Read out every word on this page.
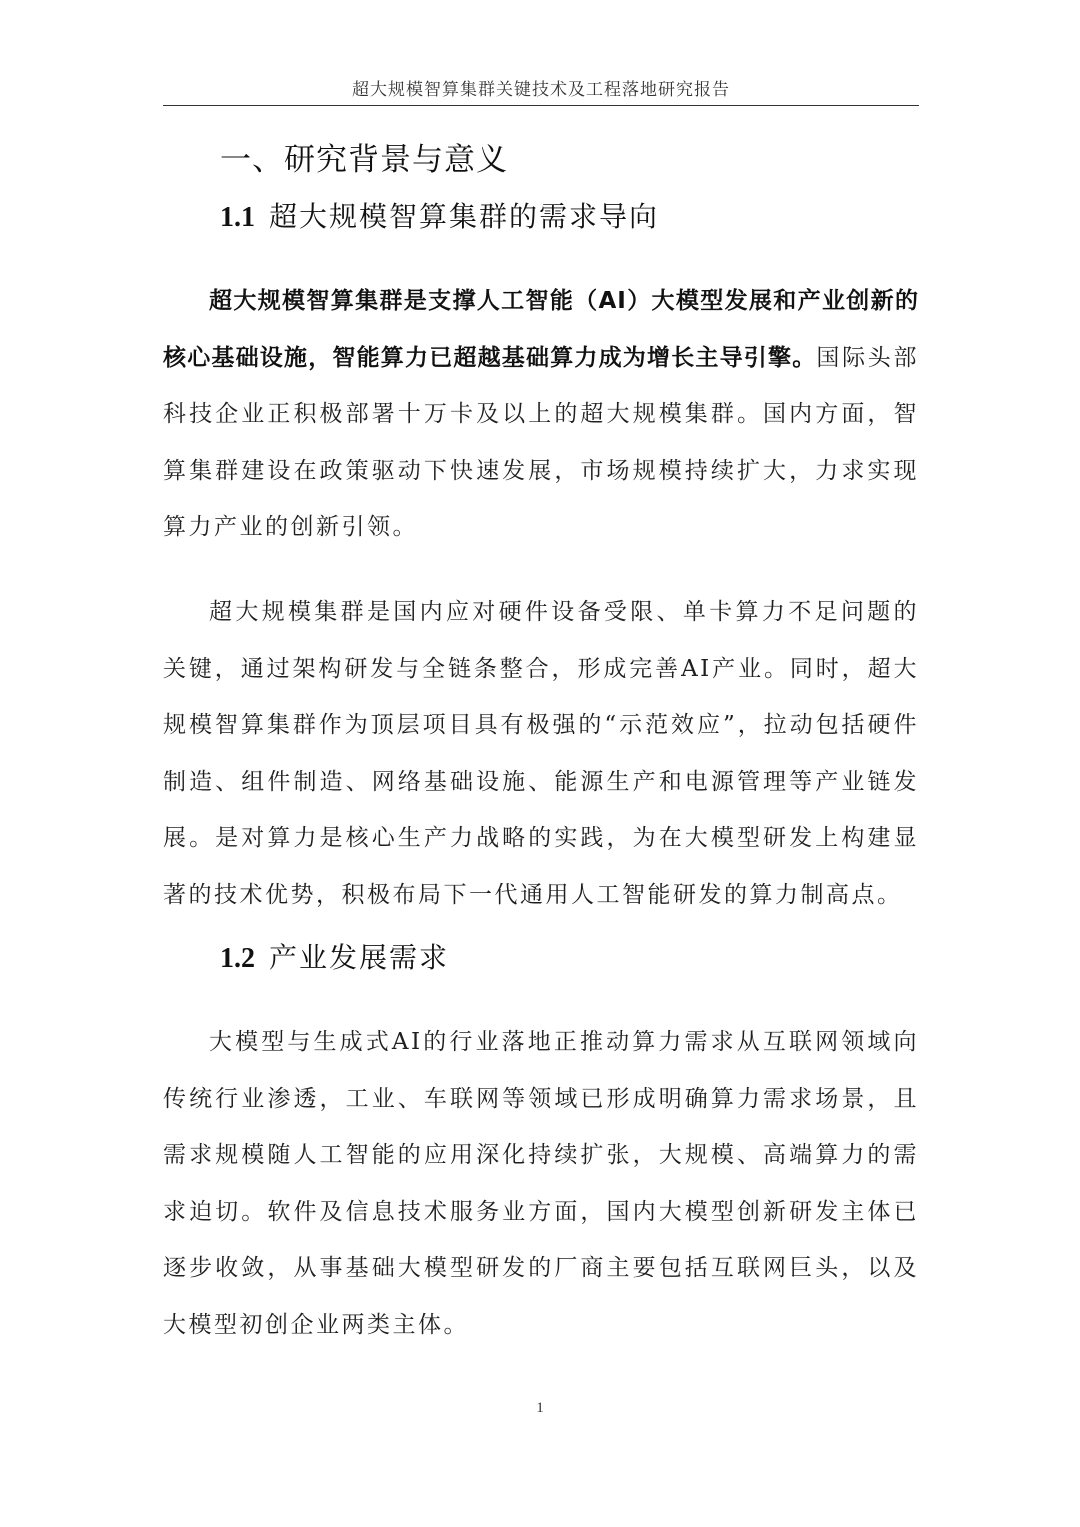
超大规模智算集群关键技术及工程落地研究报告
一、研究背景与意义
1.1 超大规模智算集群的需求导向

超大规模智算集群是支撑人工智能（AI）大模型发展和产业创新的核心基础设施，智能算力已超越基础算力成为增长主导引擎。国际头部科技企业正积极部署十万卡及以上的超大规模集群。国内方面，智算集群建设在政策驱动下快速发展，市场规模持续扩大，力求实现算力产业的创新引领。

超大规模集群是国内应对硬件设备受限、单卡算力不足问题的关键，通过架构研发与全链条整合，形成完善AI产业。同时，超大规模智算集群作为顶层项目具有极强的“示范效应”，拉动包括硬件制造、组件制造、网络基础设施、能源生产和电源管理等产业链发展。是对算力是核心生产力战略的实践，为在大模型研发上构建显著的技术优势，积极布局下一代通用人工智能研发的算力制高点。

1.2 产业发展需求

大模型与生成式AI的行业落地正推动算力需求从互联网领域向传统行业渗透，工业、车联网等领域已形成明确算力需求场景，且需求规模随人工智能的应用深化持续扩张，大规模、高端算力的需求迫切。软件及信息技术服务业方面，国内大模型创新研发主体已逐步收敛，从事基础大模型研发的厂商主要包括互联网巨头，以及大模型初创企业两类主体。

1
